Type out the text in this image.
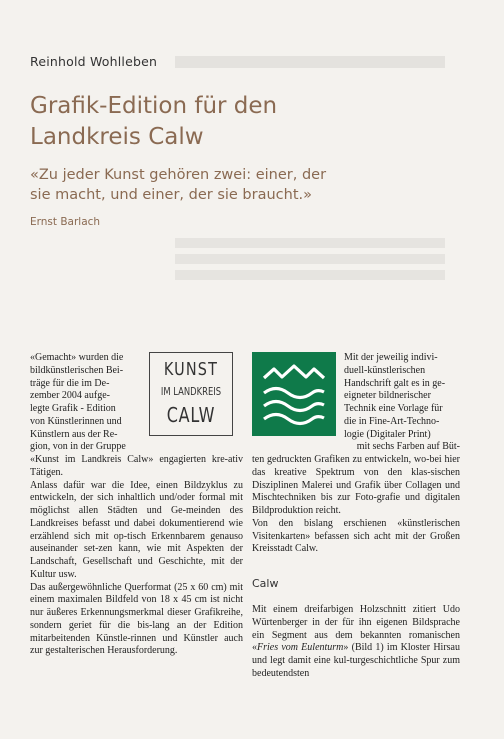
Reinhold Wohlleben
Grafik-Edition für den
Landkreis Calw
«Zu jeder Kunst gehören zwei: einer, der
sie macht, und einer, der sie braucht.»
Ernst Barlach
«Gemacht» wurden die
bildkünstlerischen Bei-
träge für die im De-
zember 2004 aufge-
legte Grafik - Edition
von Künstlerinnen und
Künstlern aus der Re-
gion, von in der Gruppe
KUNST
IM LANDKREIS
CALW
Mit der jeweilig indivi-
duell-künstlerischen
Handschrift galt es in ge-
eigneter bildnerischer
Technik eine Vorlage für
die in Fine-Art-Techno-
logie (Digitaler Print)
mit sechs Farben auf Büt-

«Kunst im Landkreis Calw» engagierten kre-ativ Tätigen.

Anlass dafür war die Idee, einen Bildzyklus zu entwickeln, der sich inhaltlich und/oder formal mit möglichst allen Städten und Ge-meinden des Landkreises befasst und dabei dokumentierend wie erzählend sich mit op-tisch Erkennbarem genauso auseinander set-zen kann, wie mit Aspekten der Landschaft, Gesellschaft und Geschichte, mit der Kultur usw.

Das außergewöhnliche Querformat (25 x 60 cm) mit einem maximalen Bildfeld von 18 x 45 cm ist nicht nur äußeres Erkennungsmerkmal dieser Grafikreihe, sondern geriet für die bis-lang an der Edition mitarbeitenden Künstle-rinnen und Künstler auch zur gestalterischen Herausforderung.

ten gedruckten Grafiken zu entwickeln, wo-bei hier das kreative Spektrum von den klas-sischen Disziplinen Malerei und Grafik über Collagen und Mischtechniken bis zur Foto-grafie und digitalen Bildproduktion reicht.

Von den bislang erschienen «künstlerischen Visitenkarten» befassen sich acht mit der Großen Kreisstadt Calw.

Calw

Mit einem dreifarbigen Holzschnitt zitiert Udo Würtenberger in der für ihn eigenen Bildsprache ein Segment aus dem bekannten romanischen «Fries vom Eulenturm» (Bild 1) im Kloster Hirsau und legt damit eine kul-turgeschichtliche Spur zum bedeutendsten
